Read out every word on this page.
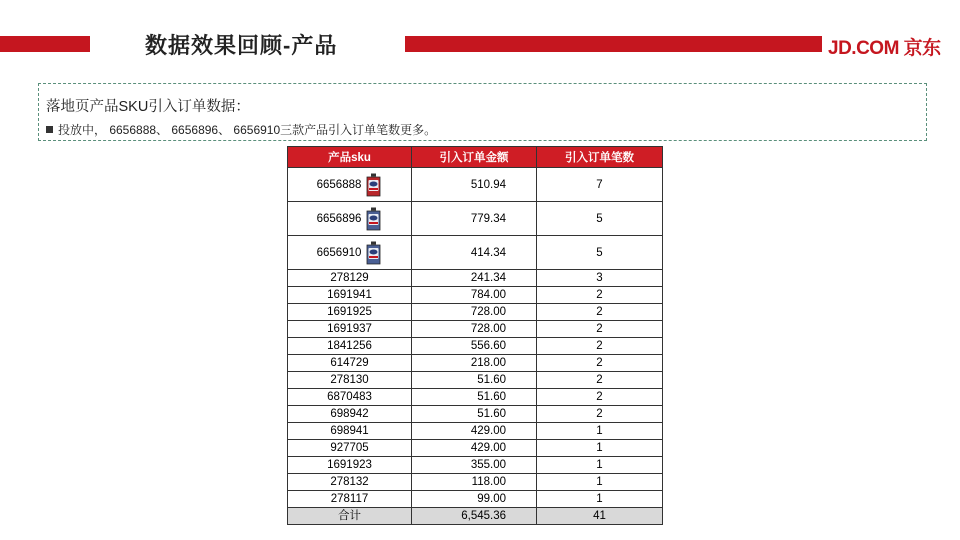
数据效果回顾-产品	JD.COM 京东
落地页产品SKU引入订单数据：
投放中， 6656888、 6656896、 6656910三款产品引入订单笔数更多。
产品sku	引入订单金额	引入订单笔数

6656888	510.94	7

6656896	779.34	5

6656910	414.34	5
278129	241.34	3
1691941	784.00	2
1691925	728.00	2
1691937	728.00	2
1841256	556.60	2
614729	218.00	2
278130	51.60	2
6870483	51.60	2
698942	51.60	2
698941	429.00	1
927705	429.00	1
1691923	355.00	1
278132	118.00	1
278117	99.00	1
合计	6,545.36	41
